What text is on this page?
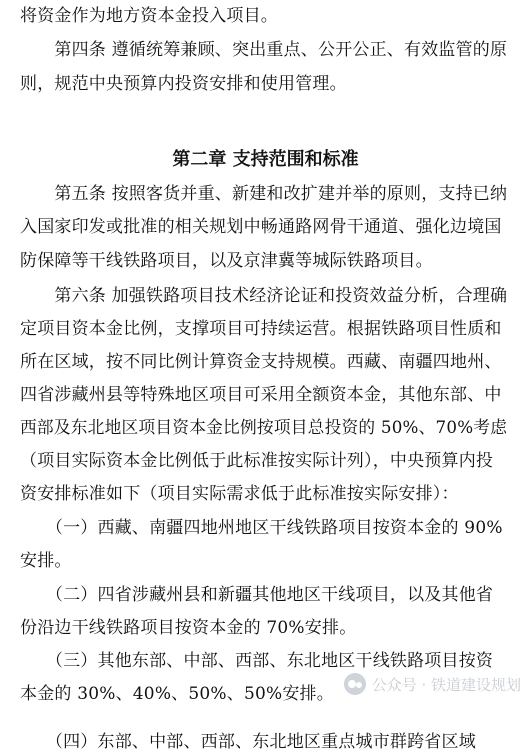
将资金作为地方资本金投入项目。
　　第四条 遵循统筹兼顾、突出重点、公开公正、有效监管的原
则，规范中央预算内投资安排和使用管理。
第二章 支持范围和标准
　　第五条 按照客货并重、新建和改扩建并举的原则，支持已纳
入国家印发或批准的相关规划中畅通路网骨干通道、强化边境国
防保障等干线铁路项目，以及京津冀等城际铁路项目。
　　第六条 加强铁路项目技术经济论证和投资效益分析，合理确
定项目资本金比例，支撑项目可持续运营。根据铁路项目性质和
所在区域，按不同比例计算资金支持规模。西藏、南疆四地州、
四省涉藏州县等特殊地区项目可采用全额资本金，其他东部、中
西部及东北地区项目资本金比例按项目总投资的 50%、70%考虑
（项目实际资本金比例低于此标准按实际计列），中央预算内投
资安排标准如下（项目实际需求低于此标准按实际安排）：
　　（一）西藏、南疆四地州地区干线铁路项目按资本金的 90%
安排。
　　（二）四省涉藏州县和新疆其他地区干线项目，以及其他省
份沿边干线铁路项目按资本金的 70%安排。
　　（三）其他东部、中部、西部、东北地区干线铁路项目按资
本金的 30%、40%、50%、50%安排。
　　（四）东部、中部、西部、东北地区重点城市群跨省区域
公众号 · 铁道建设规划
